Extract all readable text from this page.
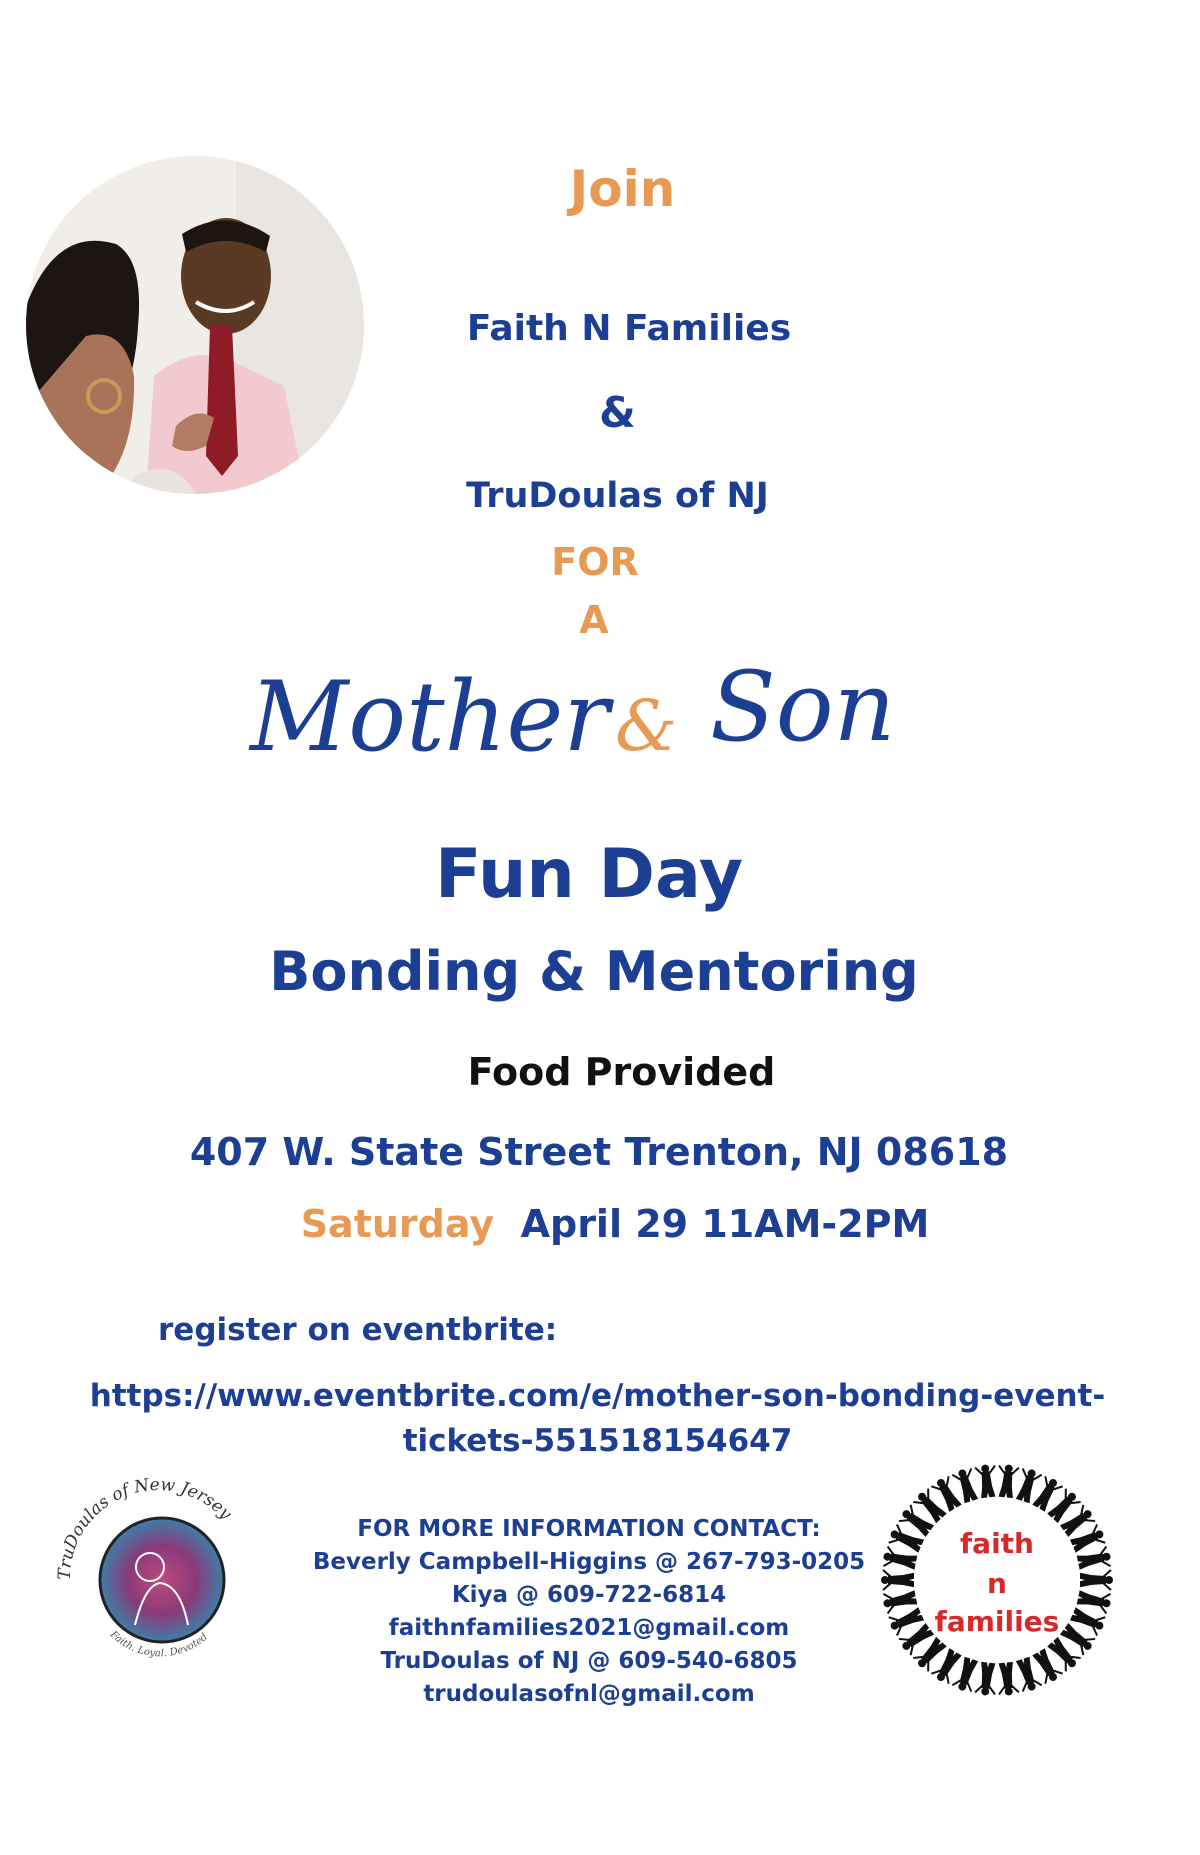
Join
Faith N Families
&
TruDoulas of NJ
FOR
A
Mother & Son
Fun Day
Bonding & Mentoring
Food Provided
407 W. State Street Trenton, NJ 08618
Saturday April 29 11AM-2PM
register on eventbrite:
https://www.eventbrite.com/e/mother-son-bonding-event-
tickets-551518154647
TruDoulas of New Jersey
Faith. Loyal. Devoted
faith
n
families
FOR MORE INFORMATION CONTACT:
Beverly Campbell-Higgins @ 267-793-0205
Kiya @ 609-722-6814
faithnfamilies2021@gmail.com
TruDoulas of NJ @ 609-540-6805
trudoulasofnl@gmail.com
